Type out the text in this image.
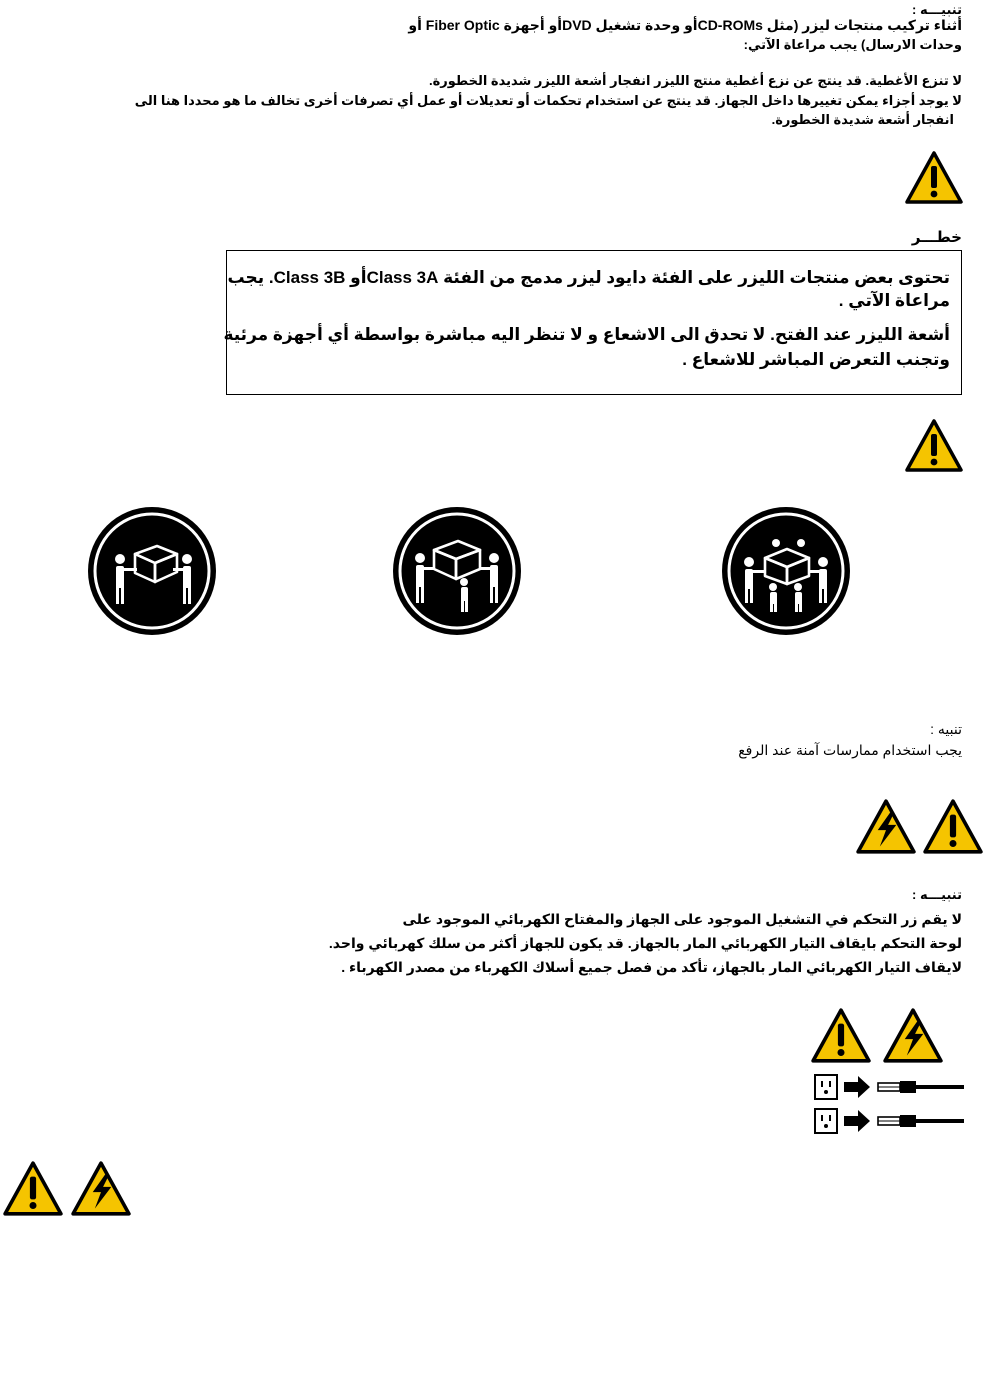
تنبيـــه :
أثناء تركيب منتجات ليزر (مثل CD-ROMsأو وحدة تشغيل DVDأو أجهزة Fiber Optic أو
وحدات الارسال) يجب مراعاة الآتي:
لا تنزع الأغطية. قد ينتج عن نزع أغطية منتج الليزر انفجار أشعة الليزر شديدة الخطورة.
لا يوجد أجزاء يمكن تغييرها داخل الجهاز. قد ينتج عن استخدام تحكمات أو تعديلات أو عمل أي تصرفات أخرى تخالف ما هو محددا هنا الى
انفجار أشعة شديدة الخطورة.
خطـــر
تحتوى بعض منتجات الليزر على الفئة دايود ليزر مدمج من الفئة Class 3Aأو Class 3B. يجب
مراعاة الآتي .
أشعة الليزر عند الفتح. لا تحدق الى الاشعاع و لا تنظر اليه مباشرة بواسطة أي أجهزة مرئية
وتجنب التعرض المباشر للاشعاع .
تنبيه :
يجب استخدام ممارسات آمنة عند الرفع
تنبيـــه :
لا يقم زر التحكم في التشغيل الموجود على الجهاز والمفتاح الكهربائي الموجود على
لوحة التحكم بايقاف التيار الكهربائي المار بالجهاز. قد يكون للجهاز أكثر من سلك كهربائي واحد.
لايقاف التيار الكهربائي المار بالجهاز، تأكد من فصل جميع أسلاك الكهرباء من مصدر الكهرباء .
